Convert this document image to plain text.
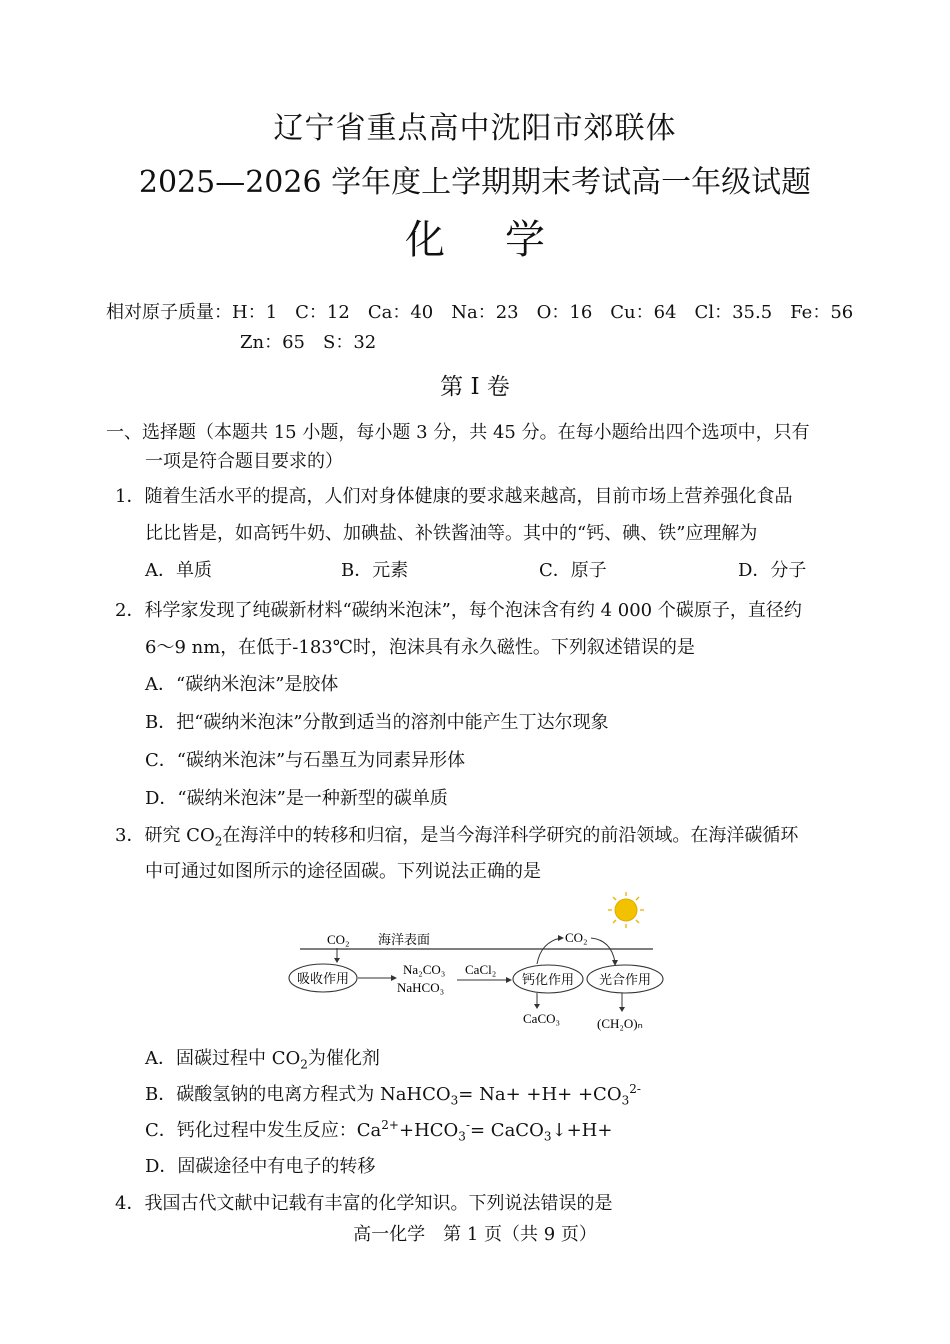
辽宁省重点高中沈阳市郊联体
2025—2026 学年度上学期期末考试高一年级试题
化学
相对原子质量：H：1　C：12　Ca：40　Na：23　O：16　Cu：64　Cl：35.5　Fe：56
Zn：65　S：32
第 I 卷
一、选择题（本题共 15 小题，每小题 3 分，共 45 分。在每小题给出四个选项中，只有
一项是符合题目要求的）
1．随着生活水平的提高，人们对身体健康的要求越来越高，目前市场上营养强化食品
比比皆是，如高钙牛奶、加碘盐、补铁酱油等。其中的“钙、碘、铁”应理解为
A．单质	B．元素	C．原子	D．分子
2．科学家发现了纯碳新材料“碳纳米泡沫”，每个泡沫含有约 4 000 个碳原子，直径约
6～9 nm，在低于-183℃时，泡沫具有永久磁性。下列叙述错误的是
A．“碳纳米泡沫”是胶体
B．把“碳纳米泡沫”分散到适当的溶剂中能产生丁达尔现象
C．“碳纳米泡沫”与石墨互为同素异形体
D．“碳纳米泡沫”是一种新型的碳单质
3．研究 $CO_2$在海洋中的转移和归宿，是当今海洋科学研究的前沿领域。在海洋碳循环
中可通过如图所示的途径固碳。下列说法正确的是
CO₂ 海洋表面
吸收作用
Na₂CO₃
NaHCO₃
CaCl₂
钙化作用 光合作用
CO₂
CaCO₃	(CH₂O)ₙ
A．固碳过程中 $CO_2$为催化剂
B．碳酸氢钠的电离方程式为 NaHCO$_3$= $Na+ +H+ +CO_3^{2-}$
C．钙化过程中发生反应：$Ca^{2+}+HCO_3^-=$ CaCO$_3$↓+H+
D．固碳途径中有电子的转移
4．我国古代文献中记载有丰富的化学知识。下列说法错误的是
高一化学　第 1 页（共 9 页）
